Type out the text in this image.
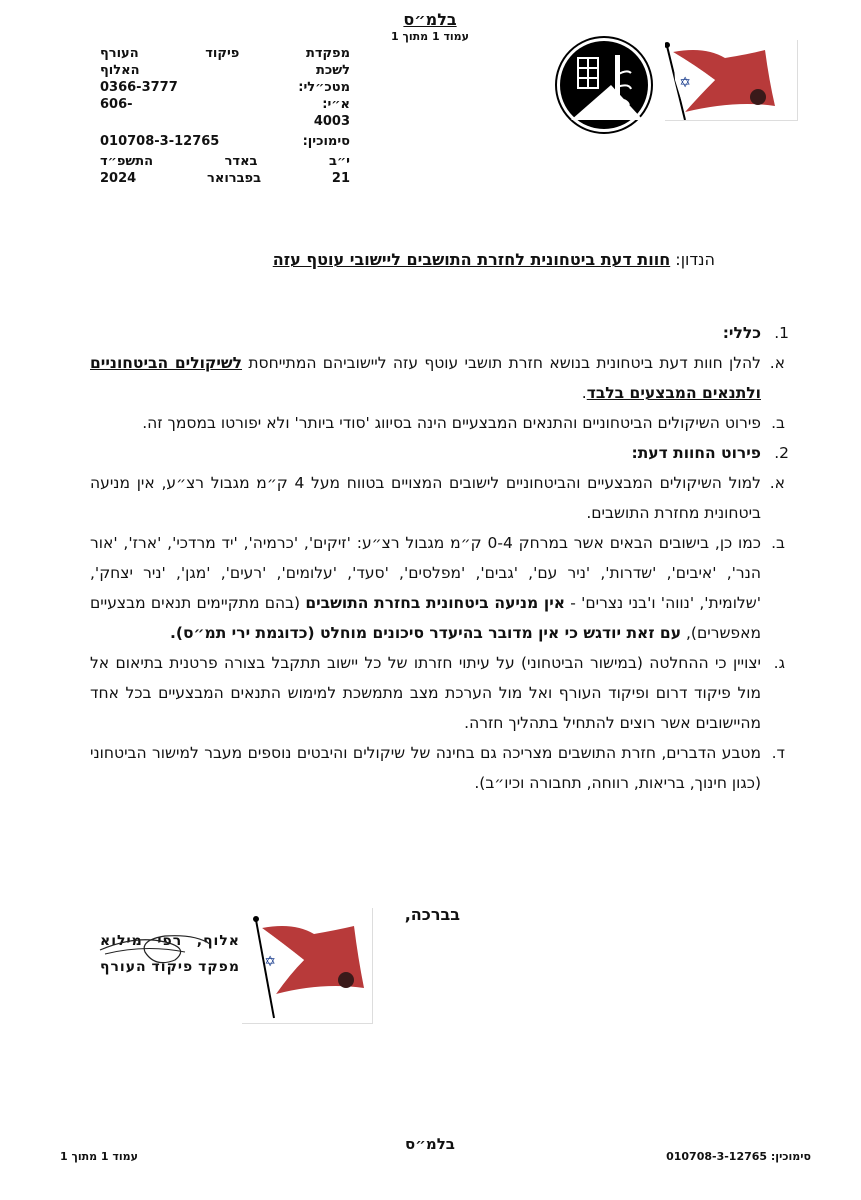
בלמ״ס
עמוד 1 מתוך 1
מפקדת
פיקוד
העורף
לשכת
האלוף
מטכ״לי:
0366-3777
א״י:
606-
4003
סימוכין:
010708-3-12765
י״ב
באדר
התשפ״ד
21
בפברואר
2024
✡
הנדון: חוות דעת ביטחונית לחזרת התושבים ליישובי עוטף עזה
1.
כללי:
א.
להלן חוות דעת ביטחונית בנושא חזרת תושבי עוטף עזה ליישוביהם המתייחסת לשיקולים הביטחוניים ולתנאים המבצעים בלבד.
ב.
פירוט השיקולים הביטחוניים והתנאים המבצעיים הינה בסיווג 'סודי ביותר' ולא יפורטו במסמך זה.
2.
פירוט החוות דעת:
א.
למול השיקולים המבצעיים והביטחוניים לישובים המצויים בטווח מעל 4 ק״מ מגבול רצ״ע, אין מניעה ביטחונית מחזרת התושבים.
ב.
כמו כן, בישובים הבאים אשר במרחק 0-4 ק״מ מגבול רצ״ע: 'זיקים', 'כרמיה', 'יד מרדכי', 'ארז', 'אור הנר', 'איבים', 'שדרות', 'ניר עם', 'גבים', 'מפלסים', 'סעד', 'עלומים', 'רעים', 'מגן', 'ניר יצחק', 'שלומית', 'נווה' ו'בני נצרים' - אין מניעה ביטחונית בחזרת התושבים (בהם מתקיימים תנאים מבצעיים מאפשרים), עם זאת יודגש כי אין מדובר בהיעדר סיכונים מוחלט (כדוגמת ירי תמ״ס).
ג.
יצויין כי ההחלטה (במישור הביטחוני) על עיתוי חזרתו של כל יישוב תתקבל בצורה פרטנית בתיאום אל מול פיקוד דרום ופיקוד העורף ואל מול הערכת מצב מתמשכת למימוש התנאים המבצעיים בכל אחד מהיישובים אשר רוצים להתחיל בתהליך חזרה.
ד.
מטבע הדברים, חזרת התושבים מצריכה גם בחינה של שיקולים והיבטים נוספים מעבר למישור הביטחוני (כגון חינוך, בריאות, רווחה, תחבורה וכיו״ב).
בברכה,
✡
אלוף,
רפי
מילוא
מפקד
פיקוד
העורף
בלמ״ס
עמוד 1 מתוך 1	סימוכין: 010708-3-12765
